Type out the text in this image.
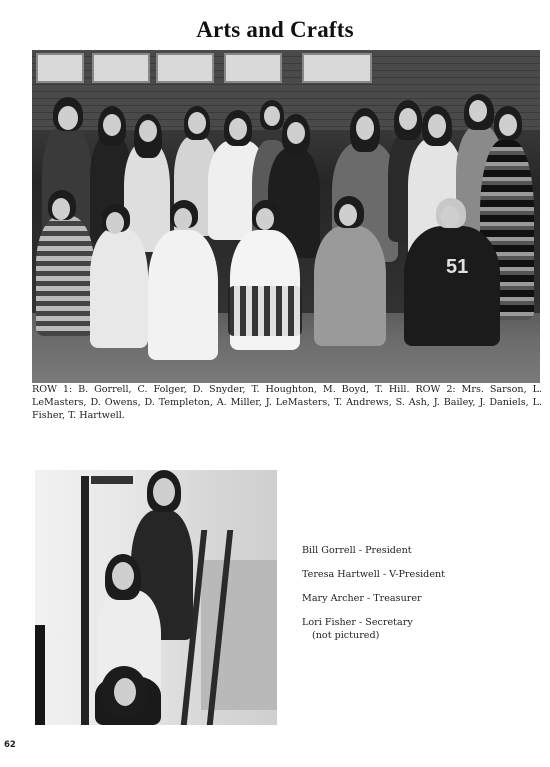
Arts and Crafts
51
ROW 1: B. Gorrell, C. Folger, D. Snyder, T. Houghton, M. Boyd, T. Hill. ROW 2: Mrs. Sarson, L. LeMasters, D. Owens, D. Templeton, A. Miller, J. LeMasters, T. Andrews, S. Ash, J. Bailey, J. Daniels, L. Fisher, T. Hartwell.
Bill Gorrell - President
Teresa Hartwell - V-President
Mary Archer - Treasurer
Lori Fisher - Secretary
(not pictured)
62
